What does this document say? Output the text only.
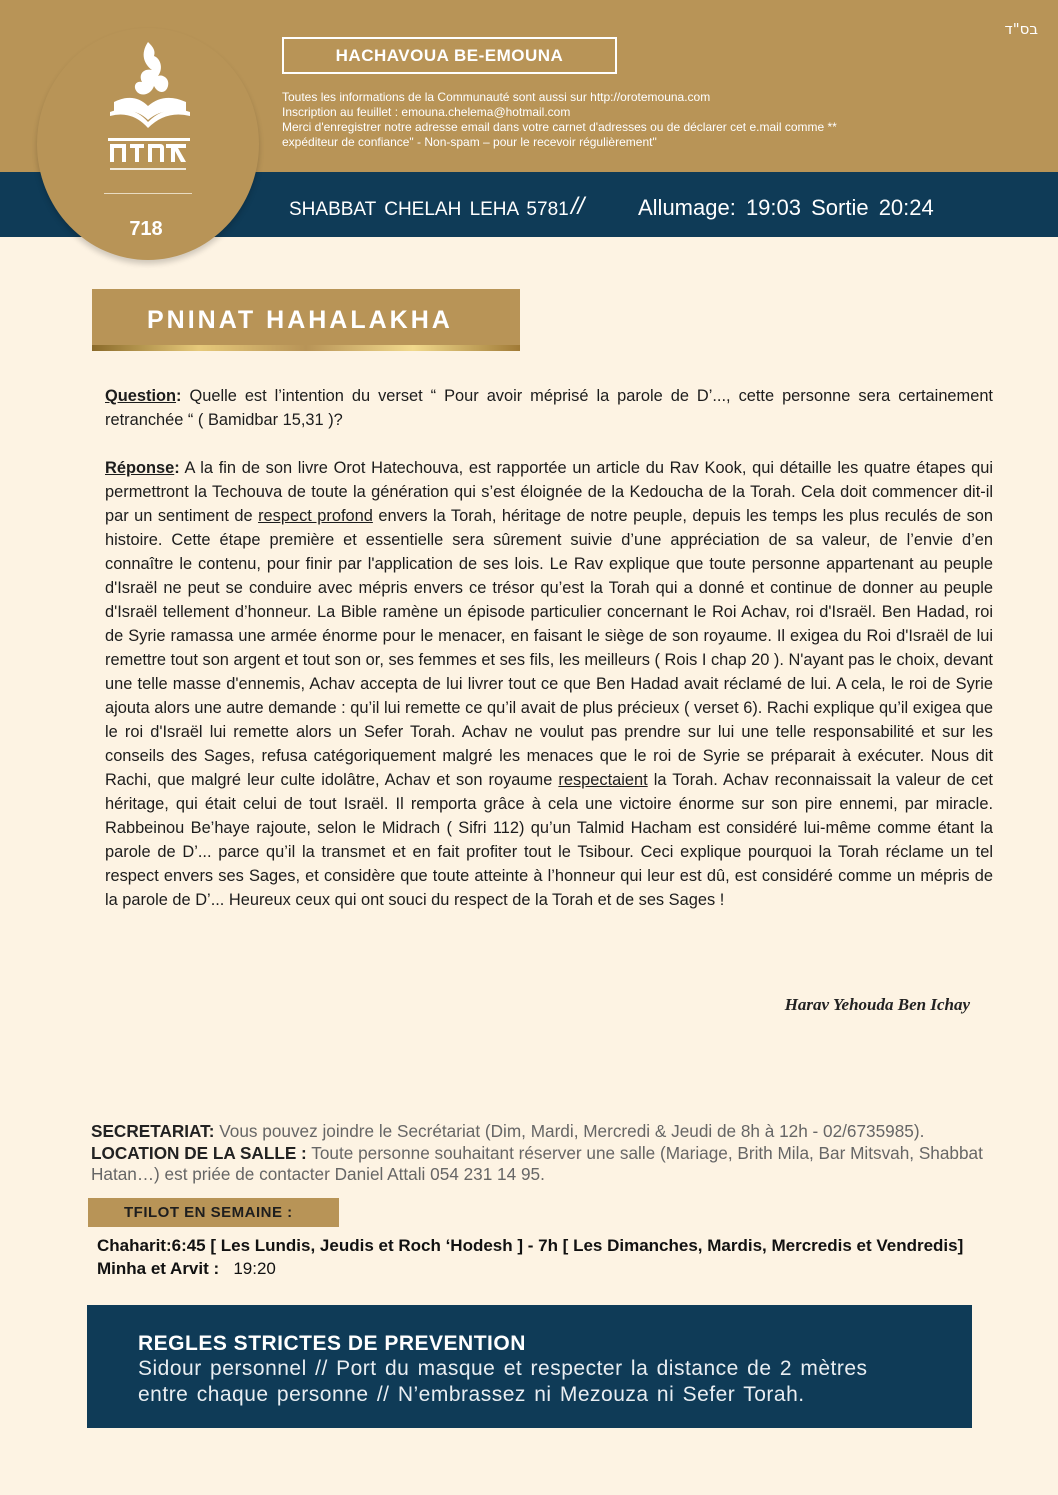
בס"ד
HACHAVOUA BE-EMOUNA
Toutes les informations de la Communauté sont aussi sur http://orotemouna.com
Inscription au feuillet : emouna.chelema@hotmail.com
Merci d'enregistrer notre adresse email dans votre carnet d'adresses ou de déclarer cet e.mail comme **
expéditeur de confiance" - Non-spam – pour le recevoir régulièrement"
SHABBAT CHELAH LEHA 5781 // Allumage: 19:03 Sortie 20:24
718
PNINAT HAHALAKHA

Question: Quelle est l’intention du verset “ Pour avoir méprisé la parole de D’..., cette personne sera certainement retranchée “ ( Bamidbar 15,31 )?

Réponse: A la fin de son livre Orot Hatechouva, est rapportée un article du Rav Kook, qui détaille les quatre étapes qui permettront la Techouva de toute la génération qui s’est éloignée de la Kedoucha de la Torah. Cela doit commencer dit-il par un sentiment de respect profond envers la Torah, héritage de notre peuple, depuis les temps les plus reculés de son histoire. Cette étape première et essentielle sera sûrement suivie d’une appréciation de sa valeur, de l’envie d’en connaître le contenu, pour finir par l'application de ses lois. Le Rav explique que toute personne appartenant au peuple d'Israël ne peut se conduire avec mépris envers ce trésor qu’est la Torah qui a donné et continue de donner au peuple d'Israël tellement d’honneur. La Bible ramène un épisode particulier concernant le Roi Achav, roi d'Israël. Ben Hadad, roi de Syrie ramassa une armée énorme pour le menacer, en faisant le siège de son royaume. Il exigea du Roi d'Israël de lui remettre tout son argent et tout son or, ses femmes et ses fils, les meilleurs ( Rois I chap 20 ). N'ayant pas le choix, devant une telle masse d'ennemis, Achav accepta de lui livrer tout ce que Ben Hadad avait réclamé de lui. A cela, le roi de Syrie ajouta alors une autre demande : qu’il lui remette ce qu’il avait de plus précieux ( verset 6). Rachi explique qu’il exigea que le roi d'Israël lui remette alors un Sefer Torah. Achav ne voulut pas prendre sur lui une telle responsabilité et sur les conseils des Sages, refusa catégoriquement malgré les menaces que le roi de Syrie se préparait à exécuter. Nous dit Rachi, que malgré leur culte idolâtre, Achav et son royaume respectaient la Torah. Achav reconnaissait la valeur de cet héritage, qui était celui de tout Israël. Il remporta grâce à cela une victoire énorme sur son pire ennemi, par miracle. Rabbeinou Be’haye rajoute, selon le Midrach ( Sifri 112) qu’un Talmid Hacham est considéré lui-même comme étant la parole de D’... parce qu’il la transmet et en fait profiter tout le Tsibour. Ceci explique pourquoi la Torah réclame un tel respect envers ses Sages, et considère que toute atteinte à l’honneur qui leur est dû, est considéré comme un mépris de la parole de D’... Heureux ceux qui ont souci du respect de la Torah et de ses Sages !

Harav Yehouda Ben Ichay
SECRETARIAT: Vous pouvez joindre le Secrétariat (Dim, Mardi, Mercredi & Jeudi de 8h à 12h - 02/6735985).
LOCATION DE LA SALLE : Toute personne souhaitant réserver une salle (Mariage, Brith Mila, Bar Mitsvah, Shabbat Hatan…) est priée de contacter Daniel Attali 054 231 14 95.
TFILOT EN SEMAINE :
Chaharit:6:45 [ Les Lundis, Jeudis et Roch ‘Hodesh ] - 7h [ Les Dimanches, Mardis, Mercredis et Vendredis]
Minha et Arvit : 19:20
REGLES STRICTES DE PREVENTION
Sidour personnel // Port du masque et respecter la distance de 2 mètres
entre chaque personne // N’embrassez ni Mezouza ni Sefer Torah.
